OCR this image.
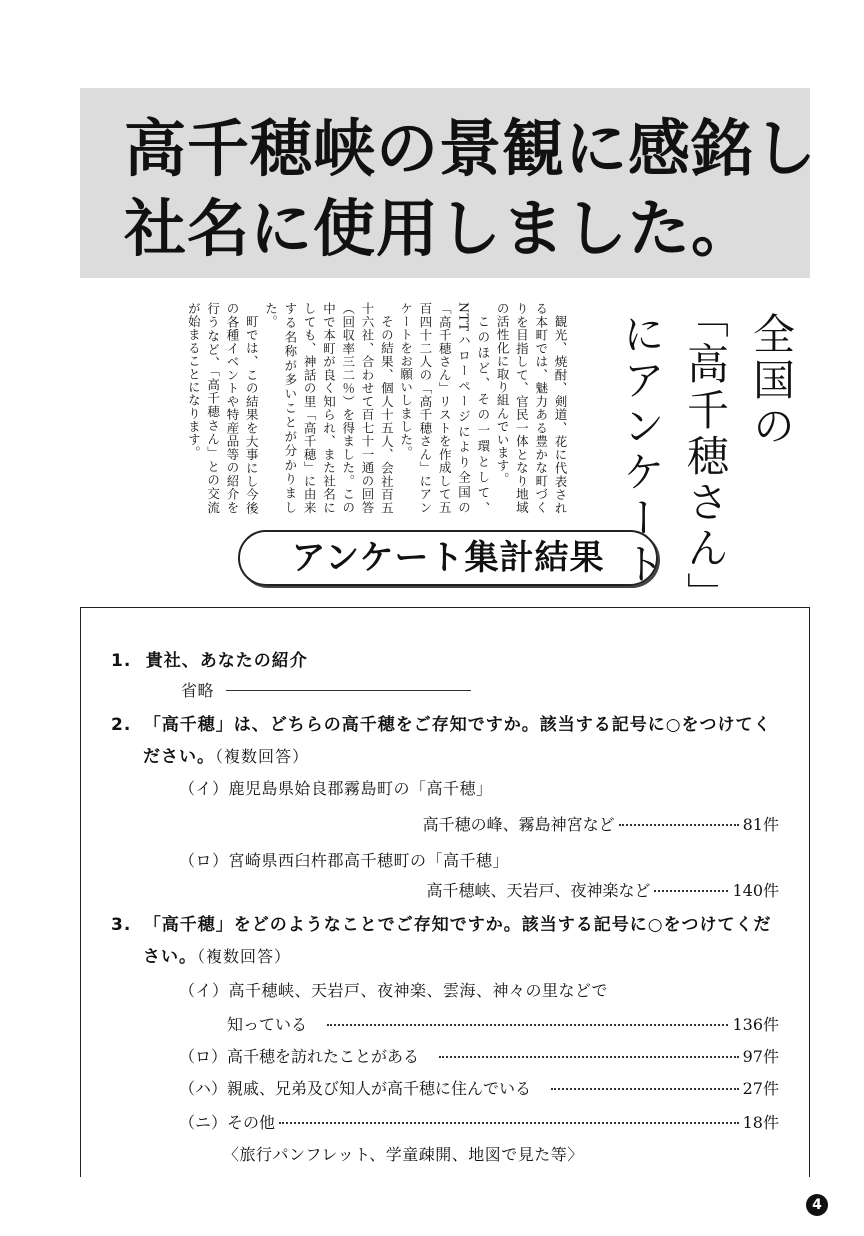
高千穂峡の景観に感銘し
社名に使用しました。
全国の
「高千穂さん」
にアンケート

観光、焼酎、剣道、花に代表される本町では、魅力ある豊かな町づくりを目指して、官民一体となり地域の活性化に取り組んでいます。

このほど、その一環として、NTTハローページにより全国の「高千穂さん」リストを作成して五百四十二人の「高千穂さん」にアンケートをお願いしました。

その結果、個人十五人、会社百五十六社、合わせて百七十一通の回答（回収率三二％）を得ました。この中で本町が良く知られ、また社名にしても、神話の里「高千穂」に由来する名称が多いことが分かりました。

町では、この結果を大事にし今後の各種イベントや特産品等の紹介を行うなど、「高千穂さん」との交流が始まることになります。

アンケート集計結果
1. 貴社、あなたの紹介
省略
2. 「高千穂」は、どちらの高千穂をご存知ですか。該当する記号に○をつけてく
ださい。（複数回答）
（イ）鹿児島県姶良郡霧島町の「高千穂」
高千穂の峰、霧島神宮など	81件
（ロ）宮崎県西臼杵郡高千穂町の「高千穂」
高千穂峡、天岩戸、夜神楽など	140件
3. 「高千穂」をどのようなことでご存知ですか。該当する記号に○をつけてくだ
さい。（複数回答）
（イ）高千穂峡、天岩戸、夜神楽、雲海、神々の里などで
知っている	136件
（ロ） 高千穂を訪れたことがある	97件
（ハ） 親戚、兄弟及び知人が高千穂に住んでいる	27件
（ニ） その他	18件
〈旅行パンフレット、学童疎開、地図で見た等〉
4
